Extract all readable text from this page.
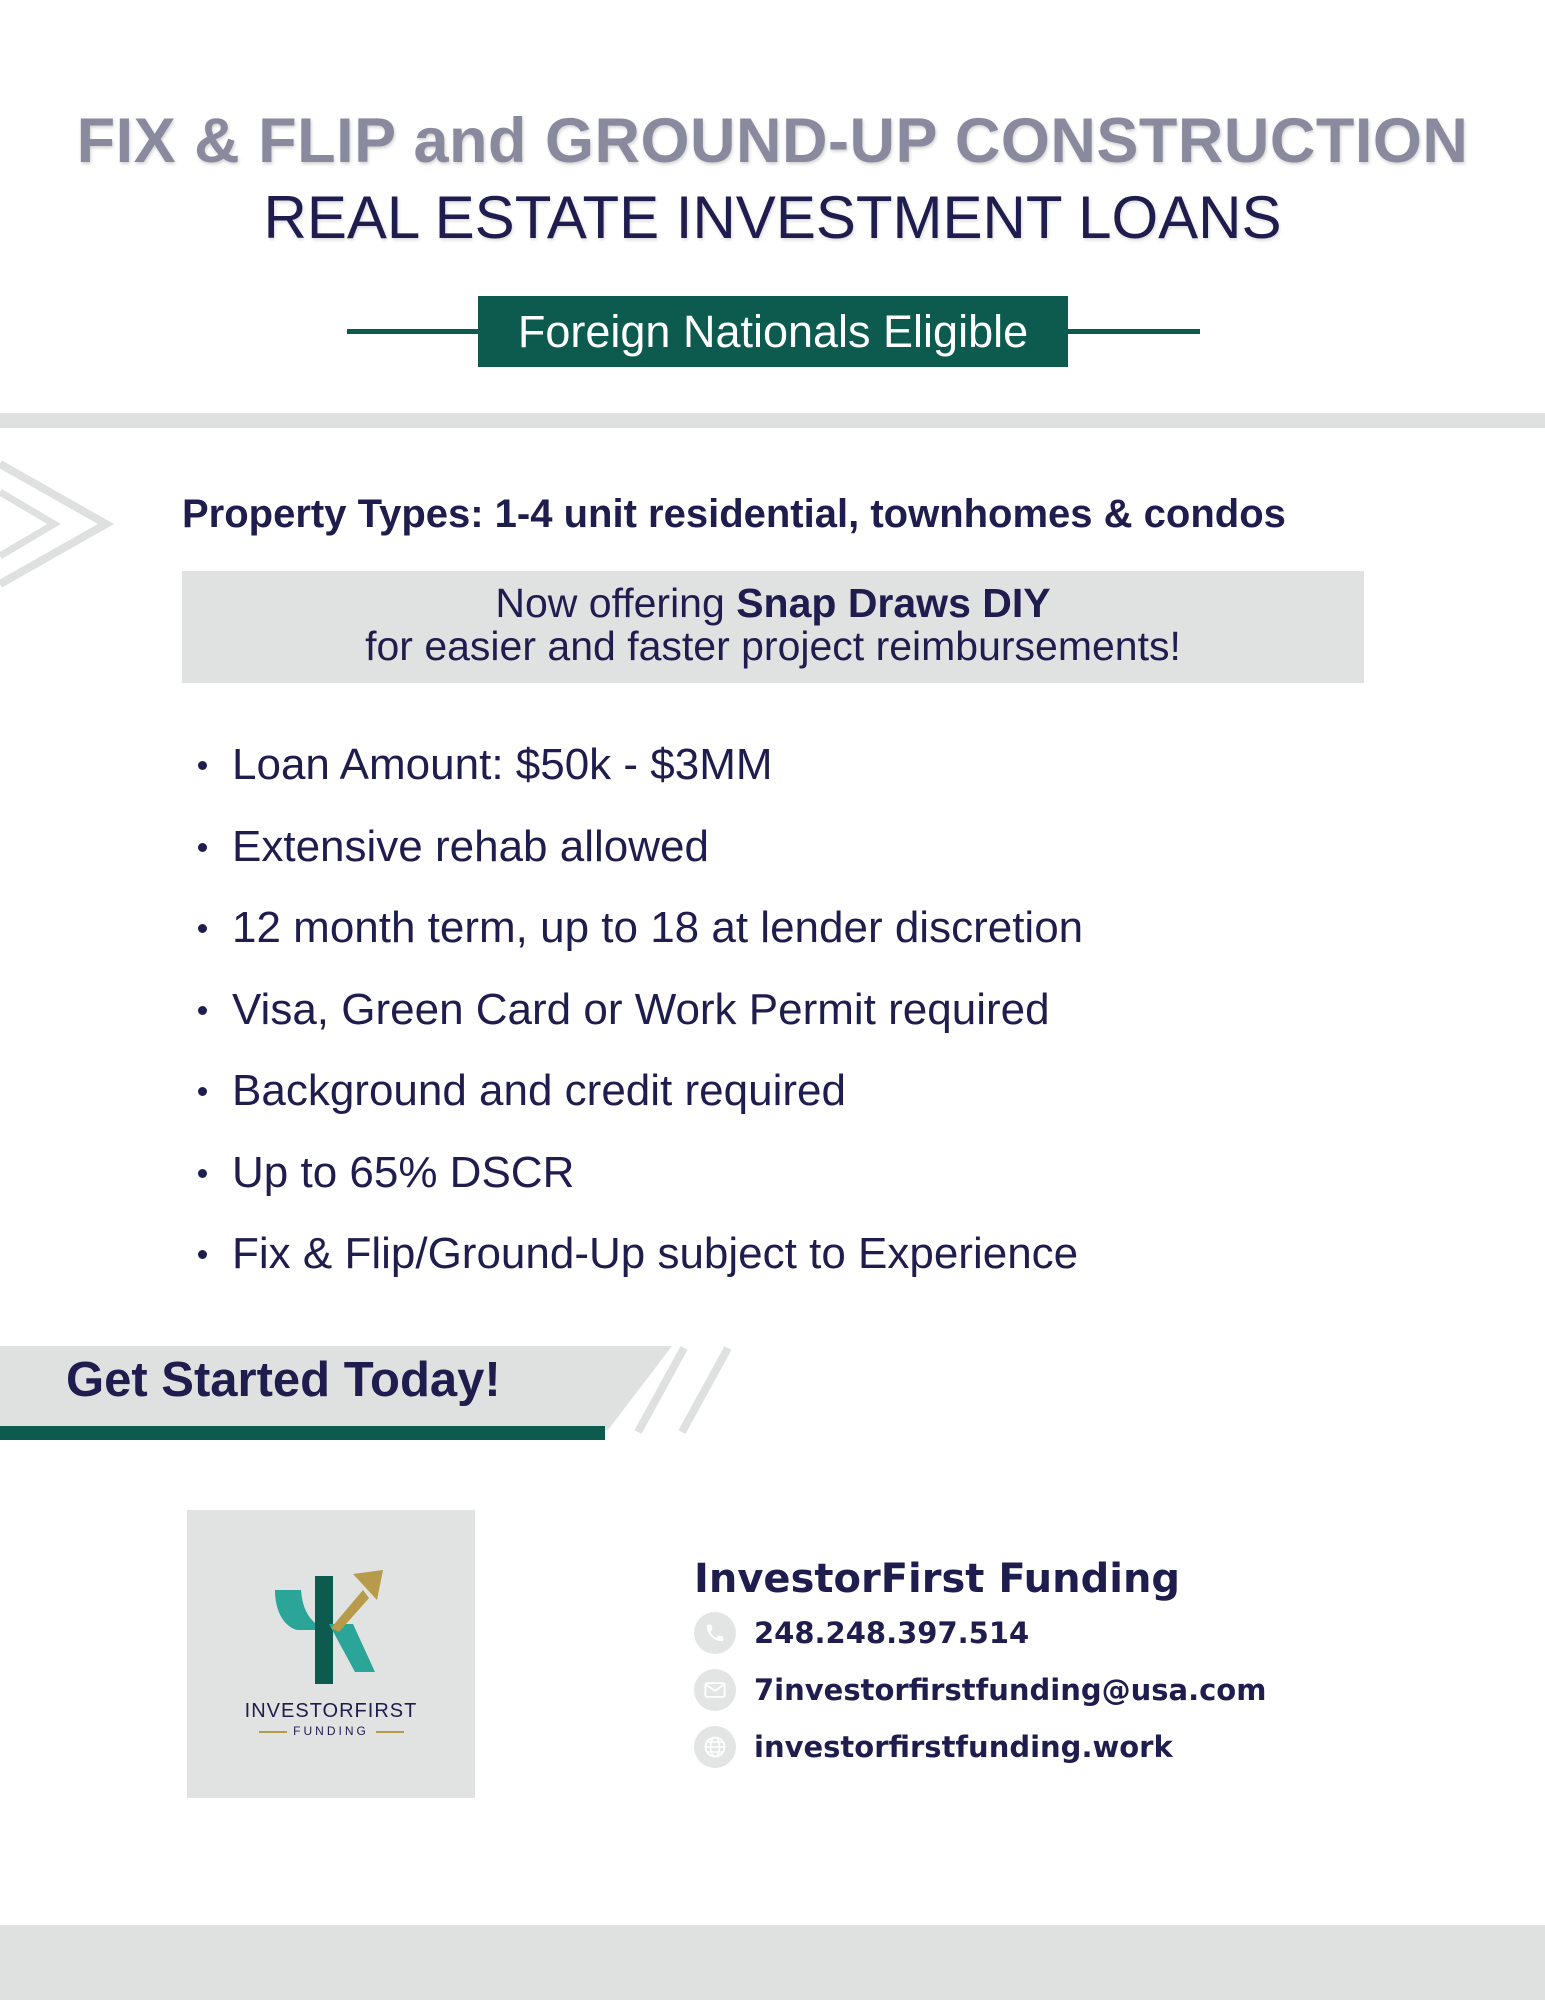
FIX & FLIP and GROUND-UP CONSTRUCTION
REAL ESTATE INVESTMENT LOANS
Foreign Nationals Eligible
Property Types: 1-4 unit residential, townhomes & condos
Now offering Snap Draws DIY
for easier and faster project reimbursements!
Loan Amount: $50k - $3MM
Extensive rehab allowed
12 month term, up to 18 at lender discretion
Visa, Green Card or Work Permit required
Background and credit required
Up to 65% DSCR
Fix & Flip/Ground-Up subject to Experience
Get Started Today!
INVESTORFIRST
FUNDING
InvestorFirst Funding
248.248.397.514
7investorfirstfunding@usa.com
investorfirstfunding.work
